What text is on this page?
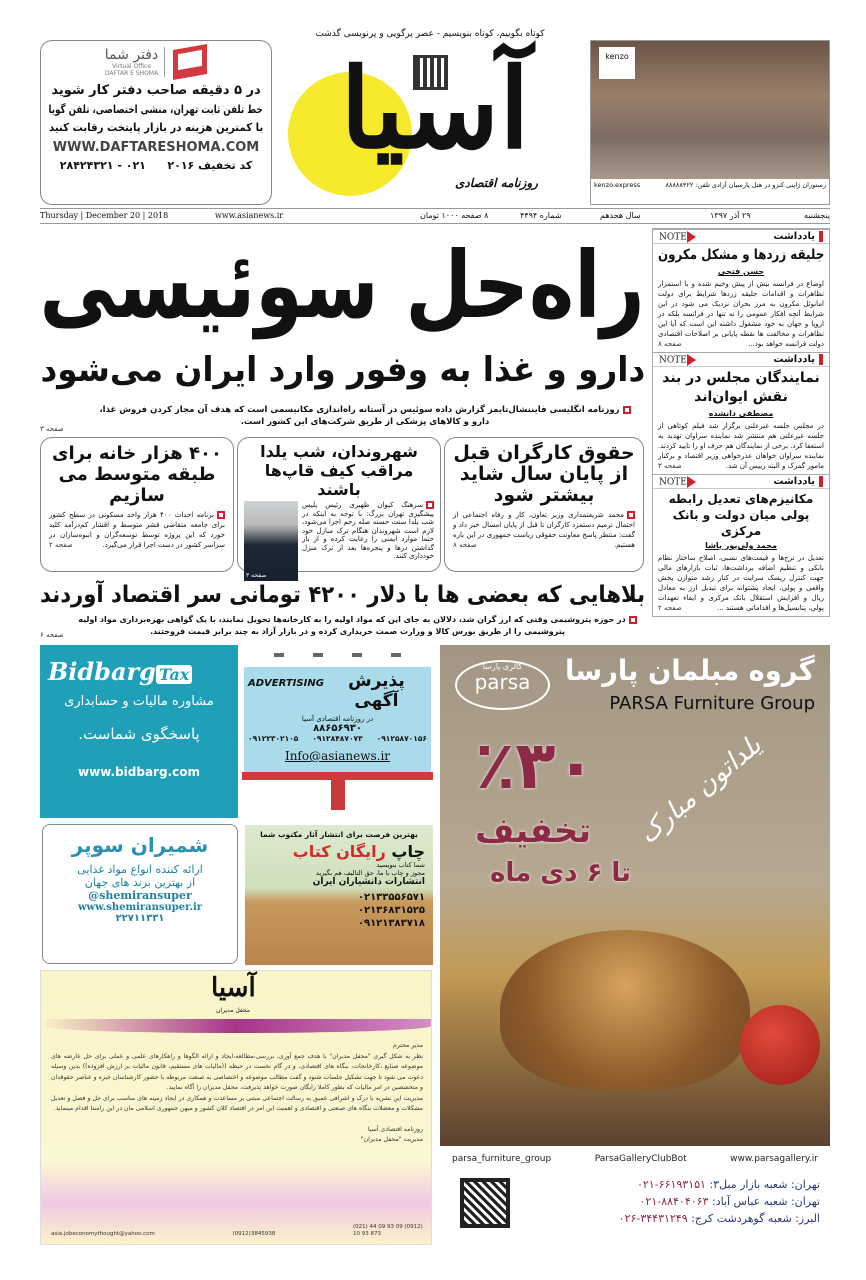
دفتر شما
Virtual Office
DAFTAR E SHOMA
در ۵ دقیقه صاحب دفتر کار شوید
خط تلفن ثابت تهران، منشی اختصاصی، تلفن گویا
با کمترین هزینه در بازار پایتخت رقابت کنید
WWW.DAFTARESHOMA.COM
کد تخفیف ۲۰۱۶
۰۲۱ - ۲۸۴۲۴۳۲۱
کوتاه بگوییم، کوتاه بنویسیم - عصر پرگویی و پرنویسی گذشت
آسیا
روزنامه اقتصادی
kenzo
رستوران ژاپنی کنزو در هتل پارسیان آزادی تلفن: ۸۸۸۸۸۴۲۲
kenzo.express
Thursday | December 20 | 2018	www.asianews.ir	۸ صفحه ۱۰۰۰ تومان	شماره ۴۴۹۴	سال هجدهم	۲۹ آذر ۱۳۹۷	پنجشنبه
راه‌حل سوئیسی
دارو و غذا به وفور وارد ایران می‌شود
روزنامه انگلیسی فایننشال‌تایمز گزارش داده سوئیس در آستانه راه‌اندازی مکانیسمی است که هدف آن مجاز کردن فروش غذا، دارو و کالاهای پزشکی از طریق شرکت‌های این کشور است.
صفحه ۳
حقوق کارگران قبل از پایان سال شاید بیشتر شود

محمد شریعتمداری وزیر تعاون، کار و رفاه اجتماعی از احتمال ترمیم دستمزد کارگران تا قبل از پایان امسال خبر داد و گفت: منتظر پاسخ معاونت حقوقی ریاست جمهوری در این باره هستیم.
صفحه ۸

شهروندان، شب یلدا مراقب کیف قاپ‌ها باشند

سرهنگ کیوان ظهیری رئیس پلیس پیشگیری تهران بزرگ: با توجه به اینکه در شب یلدا سنت حسنه صله رحم اجرا می‌شود، لازم است شهروندان هنگام ترک منازل خود حتما موارد ایمنی را رعایت کرده و از باز گذاشتن درها و پنجره‌ها بعد از ترک منزل خودداری کنند.

صفحه ۳
۴۰۰ هزار خانه برای طبقه متوسط می سازیم

برنامه احداث ۴۰۰ هزار واحد مسکونی در سطح کشور برای جامعه متقاضی قشر متوسط و اقشار کم‌درآمد کلید خورد که این پروژه توسط توسعه‌گران و انبوه‌سازان در سراسر کشور در دست اجرا قرار می‌گیرد.
صفحه ۲

بلاهایی که بعضی ها با دلار ۴۲۰۰ تومانی سر اقتصاد آوردند
در حوزه پتروشیمی وقتی که ارز گران شد، دلالان به جای این که مواد اولیه را به کارخانه‌ها تحویل نمایند، با یک گواهی بهره‌برداری مواد اولیه پتروشیمی را از طریق بورس کالا و وزارت صمت خریداری کرده و در بازار آزاد به چند برابر قیمت فروختند.
صفحه ۶
یادداشت
NOTE
جلیقه زردها و مشکل مکرون
حسن فتحی
اوضاع در فرانسه بیش از پیش وخیم شده و با استمرار تظاهرات و اقدامات جلیقه زردها شرایط برای دولت امانوئل مکرون به مرز بحران نزدیک می شود در این شرایط آنچه افکار عمومی را نه تنها در فرانسه بلکه در اروپا و جهان به خود مشغول داشته این است که آیا این تظاهرات و مخالفت ها نقطه پایانی بر اصلاحات اقتصادی دولت فرانسه خواهد بود...
صفحه ۸
یادداشت
NOTE
نمایندگان مجلس در بند نقش ایوان‌اند
مصطفی دانشده
در مجلس جلسه غیرعلنی برگزار شد فیلم کوتاهی از جلسه غیرعلنی هم منتشر شد نماینده سراوان تهدید به استعفا کرد. برخی از نمایندگان هم حرف او را تایید کردند. نماینده سراوان خواهان عذرخواهی وزیر اقتصاد و برکنار مامور گمرک و البته رییس آن شد.
صفحه ۳
یادداشت
NOTE
مکانیزم‌های تعدیل رابطه پولی میان دولت و بانک مرکزی
محمد ولی‌پور پاشا
تعدیل در نرخ‌ها و قیمت‌های نسبی، اصلاح ساختار نظام بانکی و تنظیم اضافه برداشت‌ها، ثبات بازارهای مالی جهت کنترل ریسک سرایت در کنار رشد متوازن بخش واقعی و پولی، ایجاد پشتوانه برای تبدیل ارز به معادل ریال و افزایش استقلال بانک مرکزی و ایفاء تعهدات پولی، پتانسیل‌ها و اقداماتی هستند ...
صفحه ۲
Bidbarg Tax
مشاوره مالیات و حسابداری
پاسخگوی شماست.
www.bidbarg.com
ADVERTISING	پذیرش آگهی
در روزنامه اقتصادی آسیا
۸۸۶۵۶۹۳۰
۰۹۱۲۵۸۷۰۱۵۶
۰۹۱۲۸۴۸۷۰۷۳
۰۹۱۲۲۳۰۲۱۰۵
Info@asianews.ir
شمیران سوپر
ارائه کننده انواع مواد غذایی
از بهترین برند های جهان
@shemiransuper
www.shemiransuper.ir
۲۲۷۱۱۳۳۱
بهترین فرصت برای انتشار آثار مکتوب شما
چاپ رایگان کتاب
شما کتاب بنویسید
مجوز و چاپ با ما، حق التالیف هم بگیرید
انتشارات دانشیاران ایران
۰۲۱۳۳۵۵۶۵۷۱
۰۲۱۳۶۸۳۱۵۲۵
۰۹۱۲۱۳۸۳۷۱۸
گالری پارسا
parsa	گروه مبلمان پارسا
PARSA Furniture Group
٪۳۰
تخفیف
تا ۶ دی ماه
یلداتون مبارک
parsa_furniture_group	ParsaGalleryClubBot	www.parsagallery.ir
تهران: شعبه بازار مبل۳: ۰۲۱-۶۶۱۹۳۱۵۱
تهران: شعبه عباس آباد: ۰۲۱-۸۸۴۰۴۰۶۳
البرز: شعبه گوهردشت کرج: ۰۲۶-۳۴۴۳۱۲۴۹
آسیا
محفل مدیران
مدیر محترم
نظر به شکل گیری "محفل مدیران" با هدف جمع آوری، بررسی،مطالعه،ایجاد و ارائه الگوها و راهکارهای علمی و عملی برای حل عارضه های موضوعه صنایع ،کارخانجات، بنگاه های اقتصادی، و در گام نخست در حیطه ((مالیات های مستقیم، قانون مالیات بر ارزش افزوده)) بدین وسیله دعوت می شود تا جهت تشکیل جلسات شنود و گفت مطالب موضوعه و اختصاصی به صنعت مربوطه با حضور کارشناسان خبره و عناصر حقوقدان و متخصصین در امر مالیات که بطور کاملا رایگان صورت خواهد پذیرفت، محفل مدیران را آگاه نمایید.
مدیریت این نشریه با درک و اشرافی عمیق به رسالت اجتماعی مبتنی بر مساعدت و همکاری در ایجاد زمینه های مناسب برای حل و فصل و تعدیل مشکلات و معضلات بنگاه های صنعتی و اقتصادی و اهمیت این امر در اقتصاد کلان کشور و میهن جمهوری اسلامی مان در این راستا اقدام مینماید.
روزنامه اقتصادی آسیا
مدیریت "محفل مدیران"
asia.jobeconomythought@yahoo.com	(0912)3845938
(021) 44 09 93 09 (0912) 10 93 873
